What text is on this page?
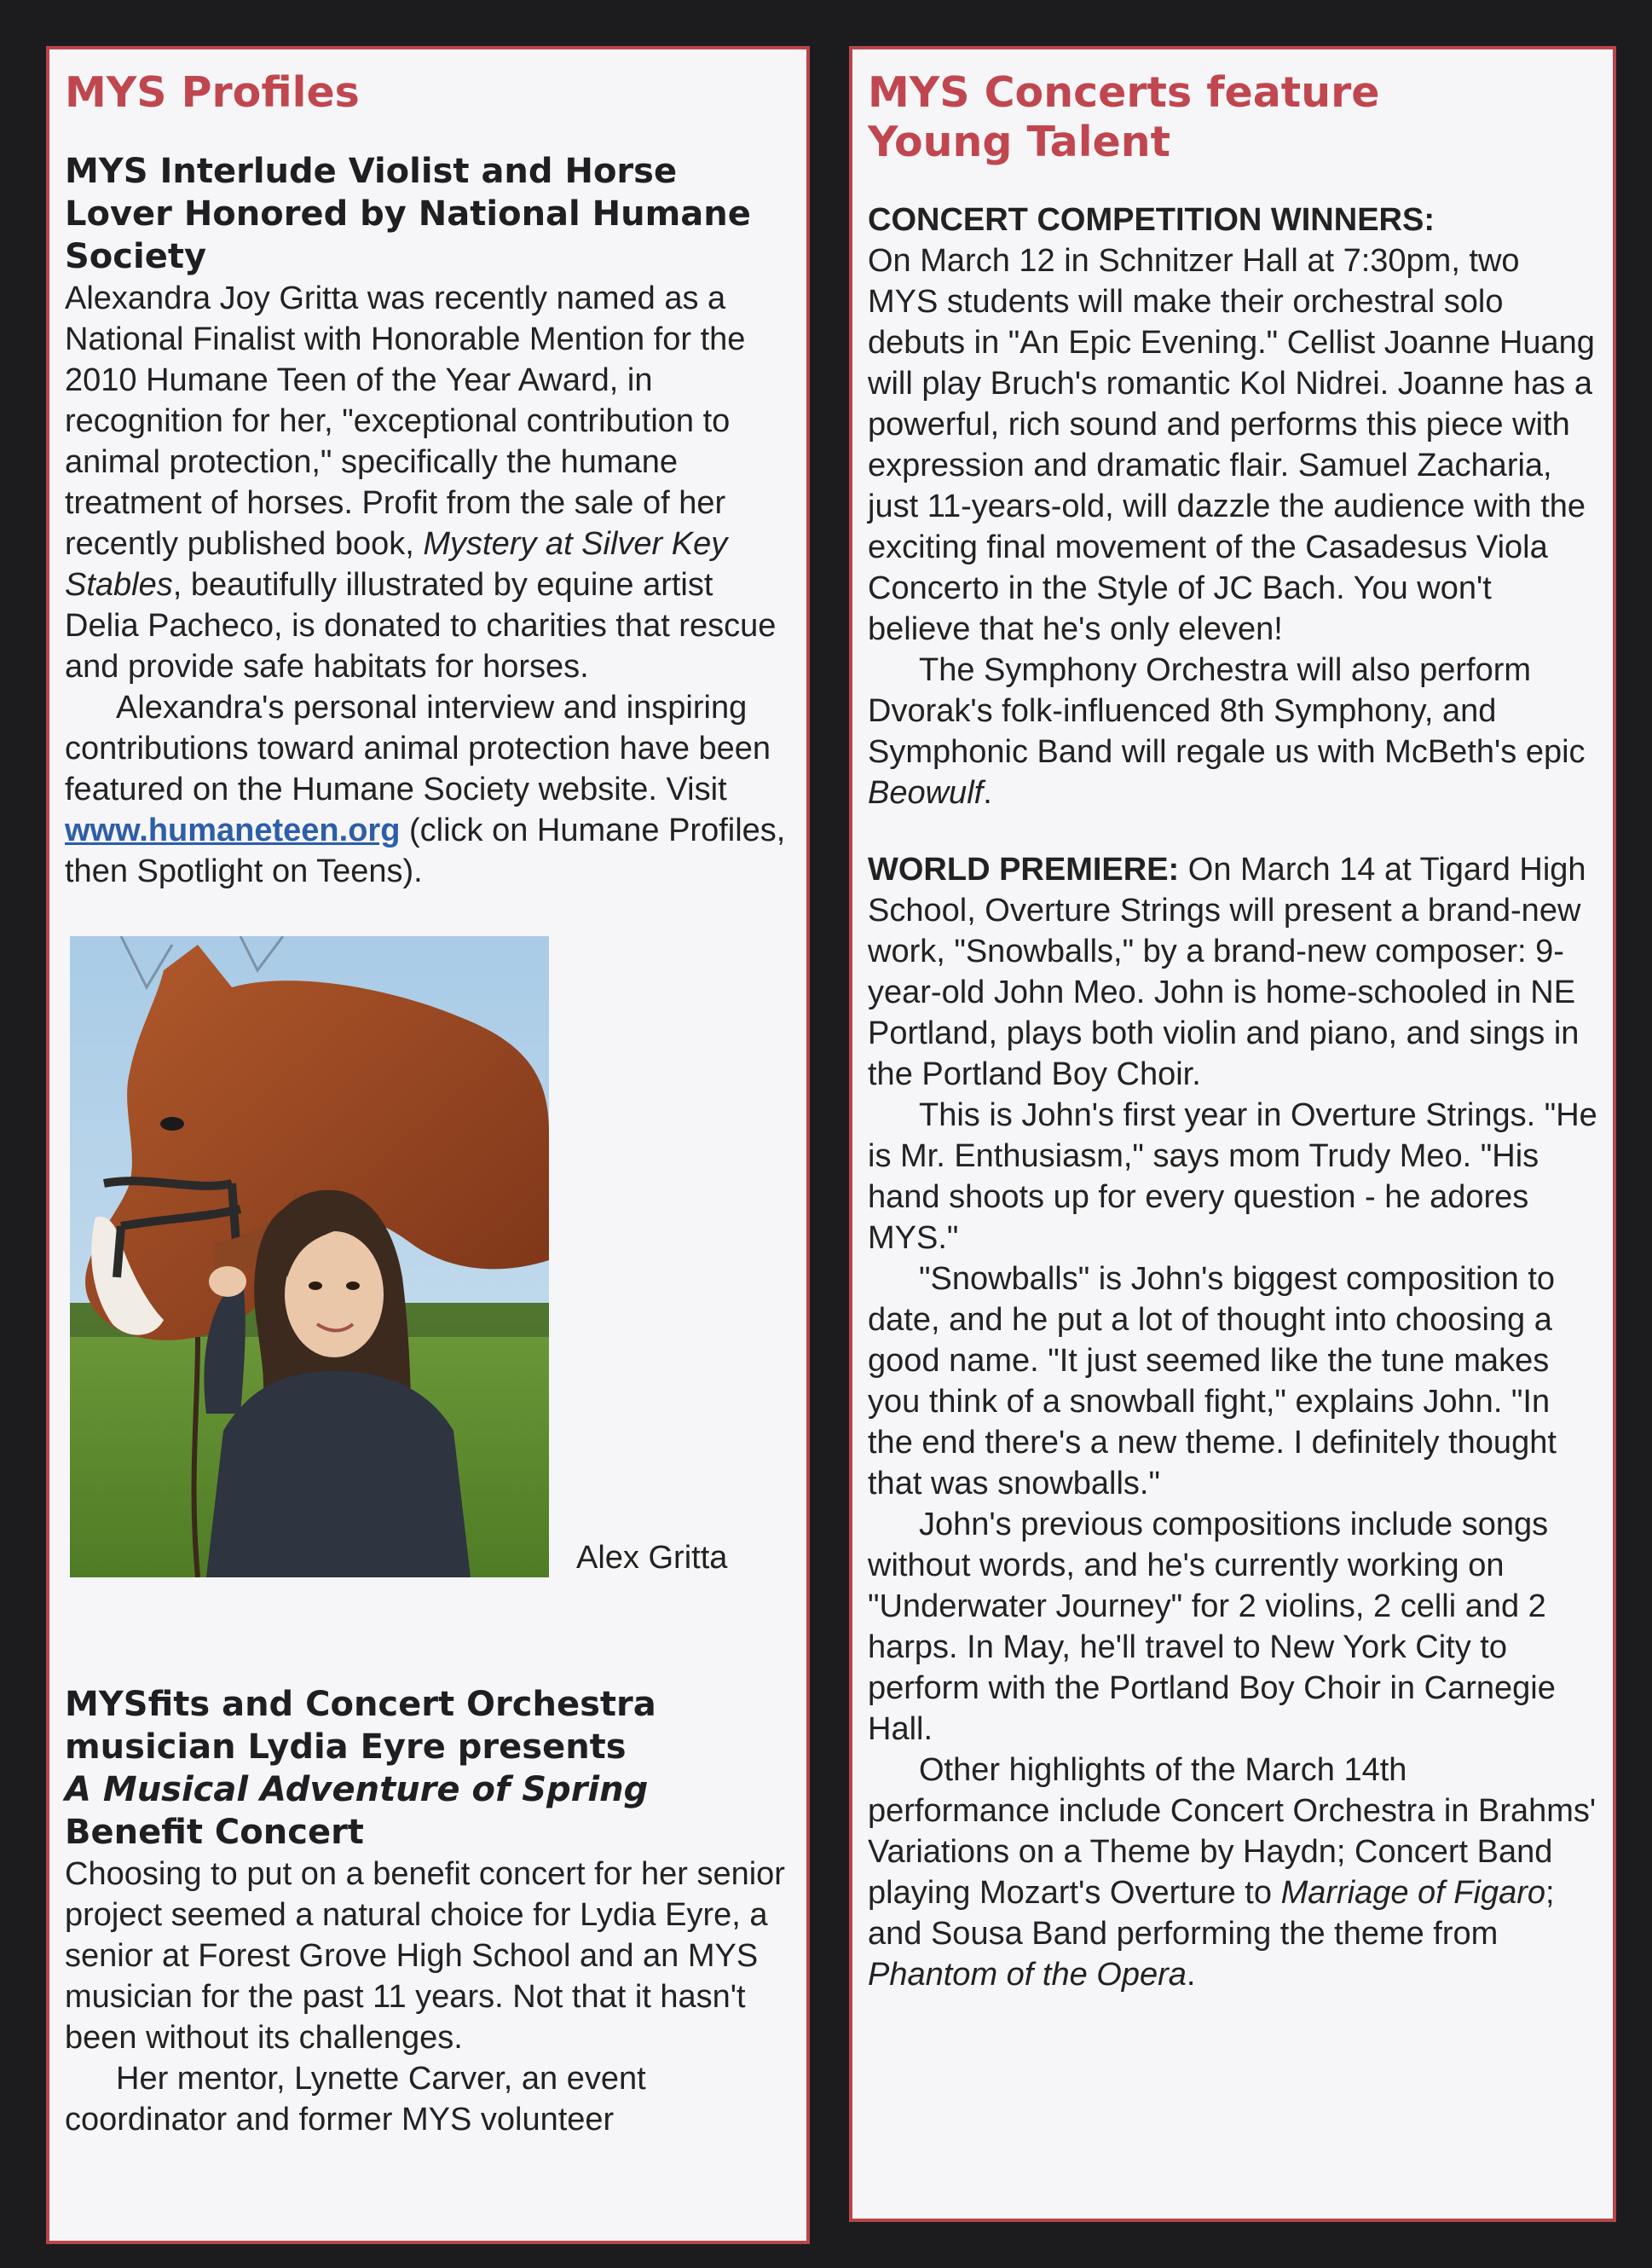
MYS Profiles
MYS Interlude Violist and Horse Lover Honored by National Humane Society

Alexandra Joy Gritta was recently named as a National Finalist with Honorable Mention for the 2010 Humane Teen of the Year Award, in recognition for her, "exceptional contribution to animal protection," specifically the humane treatment of horses. Profit from the sale of her recently published book, Mystery at Silver Key Stables, beautifully illustrated by equine artist Delia Pacheco, is donated to charities that rescue and provide safe habitats for horses.

Alexandra's personal interview and inspiring contributions toward animal protection have been featured on the Humane Society website. Visit www.humaneteen.org (click on Humane Profiles, then Spotlight on Teens).

Alex Gritta
MYSfits and Concert Orchestra musician Lydia Eyre presents
A Musical Adventure of Spring
Benefit Concert

Choosing to put on a benefit concert for her senior project seemed a natural choice for Lydia Eyre, a senior at Forest Grove High School and an MYS musician for the past 11 years. Not that it hasn't been without its challenges.

Her mentor, Lynette Carver, an event coordinator and former MYS volunteer

MYS Concerts feature Young Talent

CONCERT COMPETITION WINNERS:

On March 12 in Schnitzer Hall at 7:30pm, two MYS students will make their orchestral solo debuts in "An Epic Evening." Cellist Joanne Huang will play Bruch's romantic Kol Nidrei. Joanne has a powerful, rich sound and performs this piece with expression and dramatic flair. Samuel Zacharia, just 11-years-old, will dazzle the audience with the exciting final movement of the Casadesus Viola Concerto in the Style of JC Bach. You won't believe that he's only eleven!

The Symphony Orchestra will also perform Dvorak's folk-influenced 8th Symphony, and Symphonic Band will regale us with McBeth's epic Beowulf.

WORLD PREMIERE: On March 14 at Tigard High School, Overture Strings will present a brand-new work, "Snowballs," by a brand-new composer: 9-year-old John Meo. John is home-schooled in NE Portland, plays both violin and piano, and sings in the Portland Boy Choir.

This is John's first year in Overture Strings. "He is Mr. Enthusiasm," says mom Trudy Meo. "His hand shoots up for every question - he adores MYS."

"Snowballs" is John's biggest composition to date, and he put a lot of thought into choosing a good name. "It just seemed like the tune makes you think of a snowball fight," explains John. "In the end there's a new theme. I definitely thought that was snowballs."

John's previous compositions include songs without words, and he's currently working on "Underwater Journey" for 2 violins, 2 celli and 2 harps. In May, he'll travel to New York City to perform with the Portland Boy Choir in Carnegie Hall.

Other highlights of the March 14th performance include Concert Orchestra in Brahms' Variations on a Theme by Haydn; Concert Band playing Mozart's Overture to Marriage of Figaro; and Sousa Band performing the theme from Phantom of the Opera.
